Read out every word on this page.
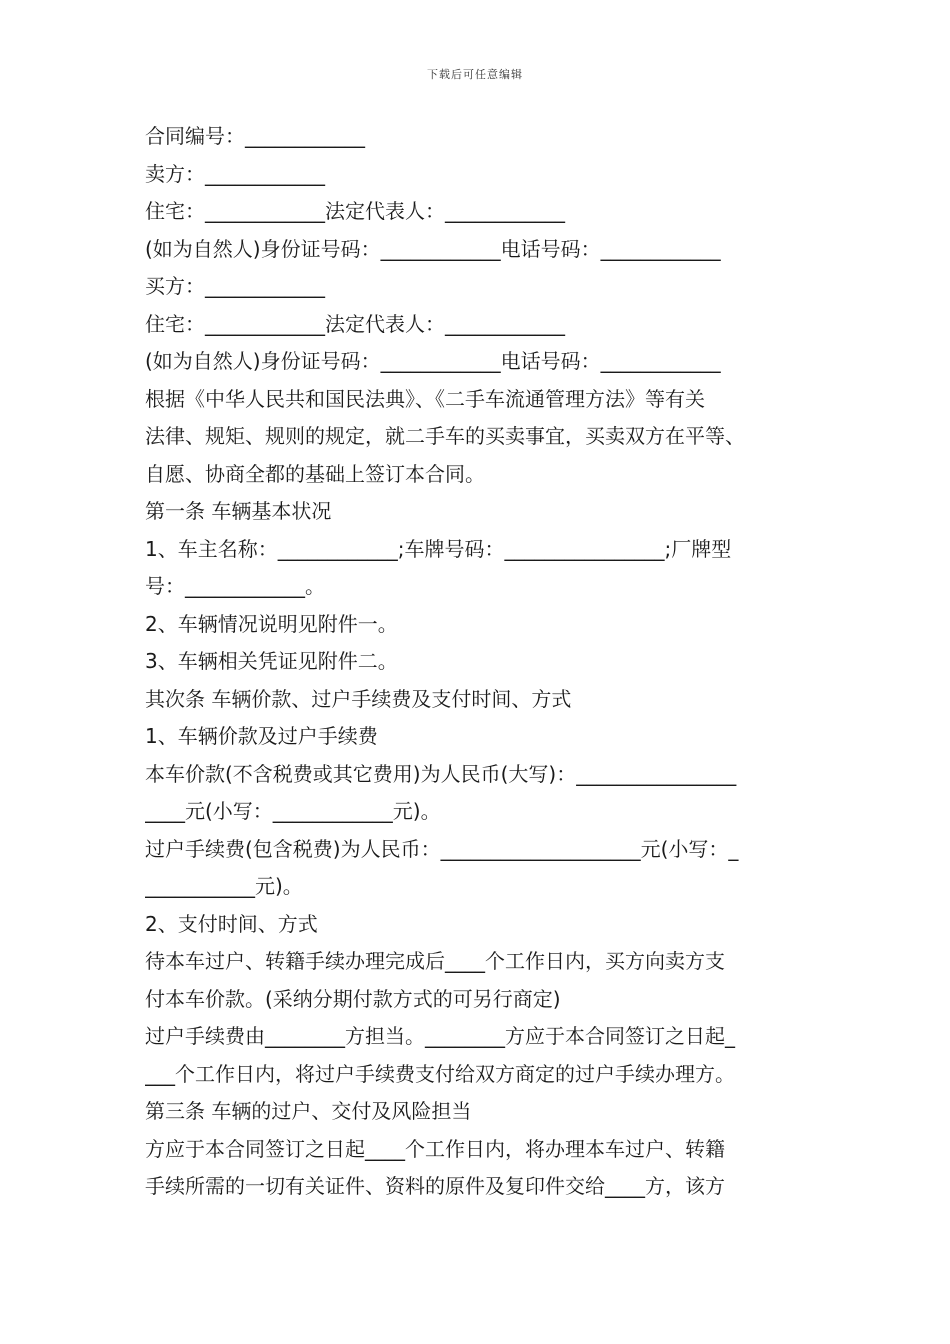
下载后可任意编辑
合同编号：____________
卖方：____________
住宅：____________法定代表人：____________
(如为自然人)身份证号码：____________电话号码：____________
买方：____________
住宅：____________法定代表人：____________
(如为自然人)身份证号码：____________电话号码：____________
根据《中华人民共和国民法典》、《二手车流通管理方法》等有关
法律、规矩、规则的规定，就二手车的买卖事宜，买卖双方在平等、
自愿、协商全都的基础上签订本合同。
第一条 车辆基本状况
1、车主名称：____________;车牌号码：________________;厂牌型
号：____________。
2、车辆情况说明见附件一。
3、车辆相关凭证见附件二。
其次条 车辆价款、过户手续费及支付时间、方式
1、车辆价款及过户手续费
本车价款(不含税费或其它费用)为人民币(大写)：________________
____元(小写：____________元)。
过户手续费(包含税费)为人民币：____________________元(小写：_
___________元)。
2、支付时间、方式
待本车过户、转籍手续办理完成后____个工作日内，买方向卖方支
付本车价款。(采纳分期付款方式的可另行商定)
过户手续费由________方担当。________方应于本合同签订之日起_
___个工作日内，将过户手续费支付给双方商定的过户手续办理方。
第三条 车辆的过户、交付及风险担当
方应于本合同签订之日起____个工作日内，将办理本车过户、转籍
手续所需的一切有关证件、资料的原件及复印件交给____方，该方
